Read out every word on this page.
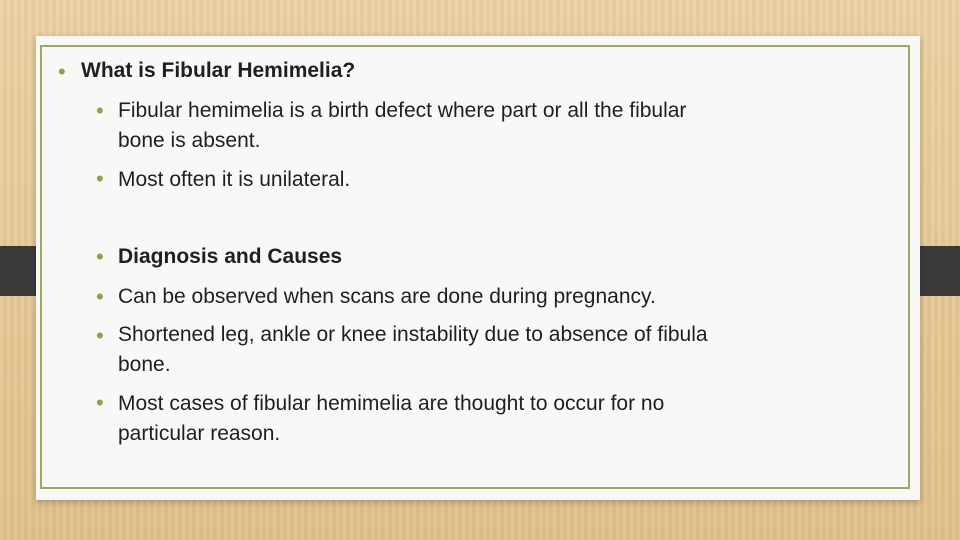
• What is Fibular Hemimelia?
• Fibular hemimelia is a birth defect where part or all the fibular
bone is absent.
• Most often it is unilateral.
• Diagnosis and Causes
• Can be observed when scans are done during pregnancy.
• Shortened leg, ankle or knee instability due to absence of fibula
bone.
• Most cases of fibular hemimelia are thought to occur for no
particular reason.
